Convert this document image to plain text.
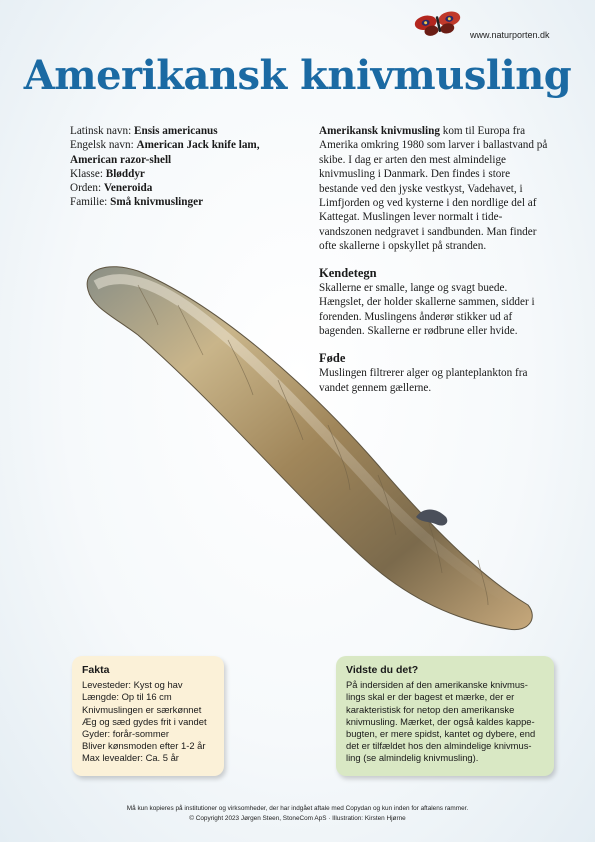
www.naturporten.dk
Amerikansk knivmusling
Latinsk navn: Ensis americanus
Engelsk navn: American Jack knife lam,
American razor-shell
Klasse: Bløddyr
Orden: Veneroida
Familie: Små knivmuslinger

Amerikansk knivmusling kom til Europa fra Amerika omkring 1980 som larver i ballastvand på skibe. I dag er arten den mest almindelige knivmusling i Danmark. Den findes i store bestande ved den jyske vestkyst, Vadehavet, i Limfjorden og ved kysterne i den nordlige del af Kattegat. Muslingen lever normalt i tide-vandszonen nedgravet i sandbunden. Man finder ofte skallerne i opskyllet på stranden.

Kendetegn

Skallerne er smalle, lange og svagt buede. Hængslet, der holder skallerne sammen, sidder i forenden. Muslingens ånderør stikker ud af bagenden. Skallerne er rødbrune eller hvide.

Føde

Muslingen filtrerer alger og planteplankton fra vandet gennem gællerne.

Fakta
Levesteder: Kyst og hav
Længde: Op til 16 cm
Knivmuslingen er særkønnet
Æg og sæd gydes frit i vandet
Gyder: forår-sommer
Bliver kønsmoden efter 1-2 år
Max levealder: Ca. 5 år
Vidste du det?
På indersiden af den amerikanske knivmus-lings skal er der bagest et mærke, der er karakteristisk for netop den amerikanske knivmusling. Mærket, der også kaldes kappe-bugten, er mere spidst, kantet og dybere, end det er tilfældet hos den almindelige knivmus-ling (se almindelig knivmusling).
Må kun kopieres på institutioner og virksomheder, der har indgået aftale med Copydan og kun inden for aftalens rammer.
© Copyright 2023 Jørgen Steen, StoneCom ApS · Illustration: Kirsten Hjørne
